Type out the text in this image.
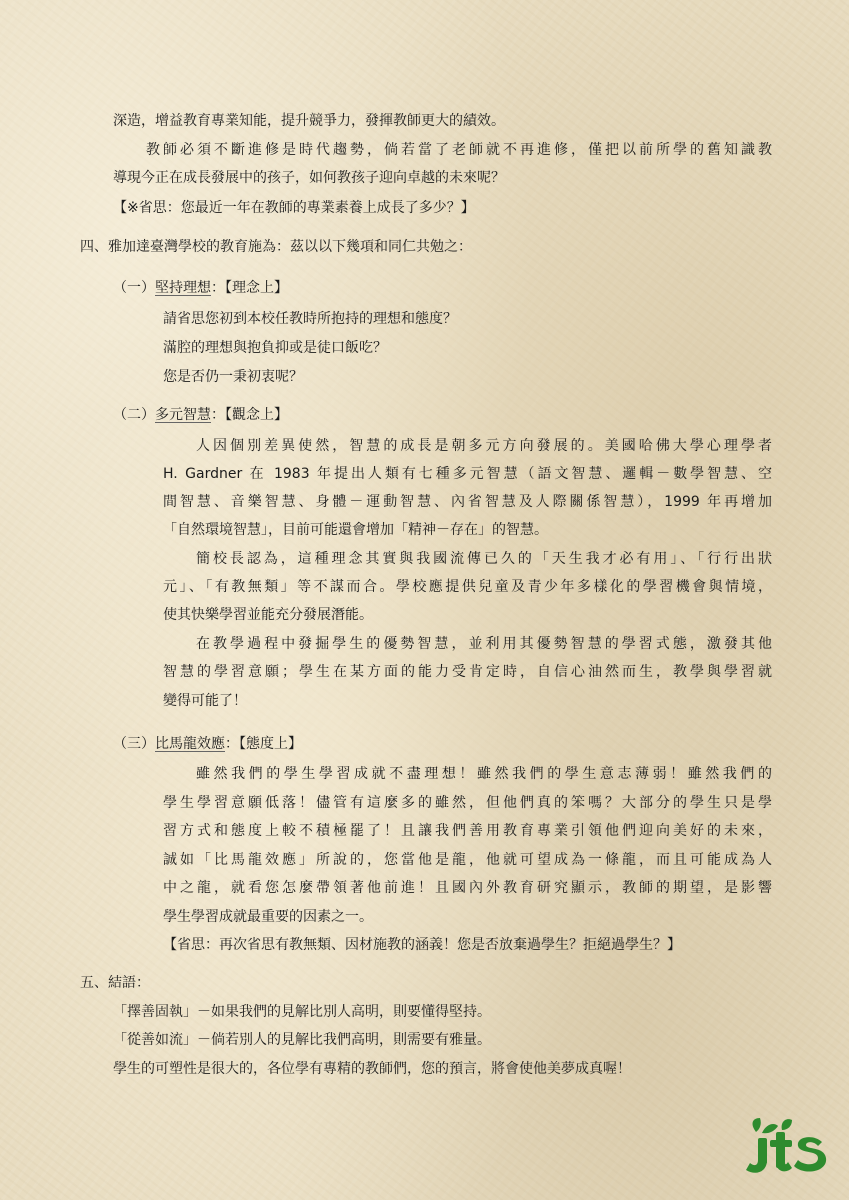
深造，增益教育專業知能，提升競爭力，發揮教師更大的績效。
教師必須不斷進修是時代趨勢，倘若當了老師就不再進修，僅把以前所學的舊知識教
導現今正在成長發展中的孩子，如何教孩子迎向卓越的未來呢？
【※省思：您最近一年在教師的專業素養上成長了多少？】
四、雅加達臺灣學校的教育施為：茲以以下幾項和同仁共勉之：
（一）堅持理想：【理念上】
請省思您初到本校任教時所抱持的理想和態度？
滿腔的理想與抱負抑或是徒口飯吃？
您是否仍一秉初衷呢？
（二）多元智慧：【觀念上】
人因個別差異使然，智慧的成長是朝多元方向發展的。美國哈佛大學心理學者
H. Gardner 在 1983 年提出人類有七種多元智慧（語文智慧、邏輯－數學智慧、空
間智慧、音樂智慧、身體－運動智慧、內省智慧及人際關係智慧），1999 年再增加
「自然環境智慧」，目前可能還會增加「精神－存在」的智慧。
簡校長認為，這種理念其實與我國流傳已久的「天生我才必有用」、「行行出狀
元」、「有教無類」等不謀而合。學校應提供兒童及青少年多樣化的學習機會與情境，
使其快樂學習並能充分發展潛能。
在教學過程中發掘學生的優勢智慧，並利用其優勢智慧的學習式態，激發其他
智慧的學習意願；學生在某方面的能力受肯定時，自信心油然而生，教學與學習就
變得可能了！
（三）比馬龍效應：【態度上】
雖然我們的學生學習成就不盡理想！雖然我們的學生意志薄弱！雖然我們的
學生學習意願低落！儘管有這麼多的雖然，但他們真的笨嗎？大部分的學生只是學
習方式和態度上較不積極罷了！且讓我們善用教育專業引領他們迎向美好的未來，
誠如「比馬龍效應」所說的，您當他是龍，他就可望成為一條龍，而且可能成為人
中之龍，就看您怎麼帶領著他前進！且國內外教育研究顯示，教師的期望，是影響
學生學習成就最重要的因素之一。
【省思：再次省思有教無類、因材施教的涵義！您是否放棄過學生？拒絕過學生？】
五、結語：
「擇善固執」－如果我們的見解比別人高明，則要懂得堅持。
「從善如流」－倘若別人的見解比我們高明，則需要有雅量。
學生的可塑性是很大的，各位學有專精的教師們，您的預言，將會使他美夢成真喔！
